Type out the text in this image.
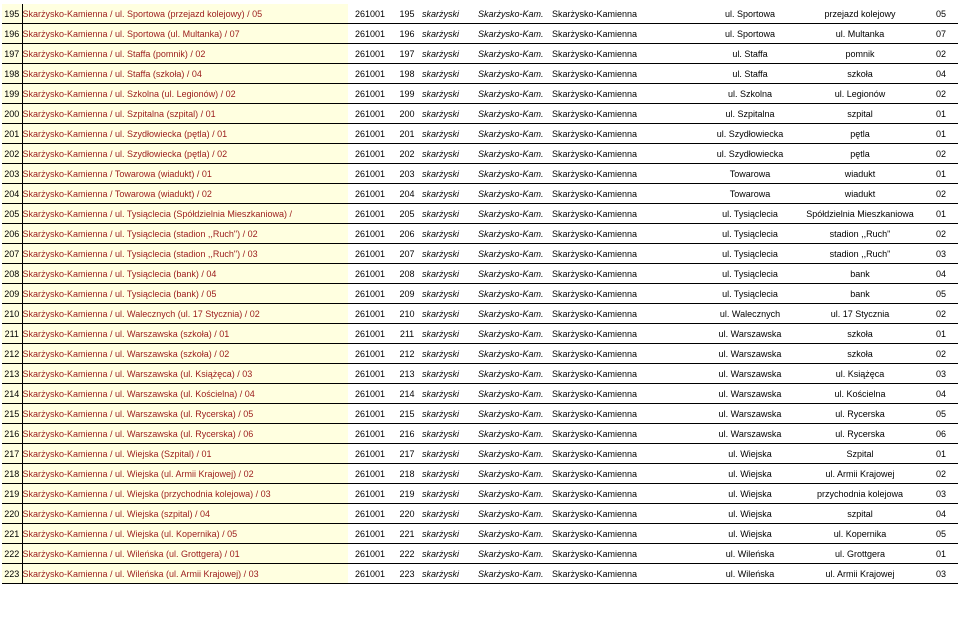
195	Skarżysko-Kamienna / ul. Sportowa (przejazd kolejowy) / 05	261001	195	skarżyski	Skarżysko-Kam.	Skarżysko-Kamienna	ul. Sportowa	przejazd kolejowy	05
196	Skarżysko-Kamienna / ul. Sportowa (ul. Multanka) / 07	261001	196	skarżyski	Skarżysko-Kam.	Skarżysko-Kamienna	ul. Sportowa	ul. Multanka	07
197	Skarżysko-Kamienna / ul. Staffa (pomnik) / 02	261001	197	skarżyski	Skarżysko-Kam.	Skarżysko-Kamienna	ul. Staffa	pomnik	02
198	Skarżysko-Kamienna / ul. Staffa (szkoła) / 04	261001	198	skarżyski	Skarżysko-Kam.	Skarżysko-Kamienna	ul. Staffa	szkoła	04
199	Skarżysko-Kamienna / ul. Szkolna (ul. Legionów) / 02	261001	199	skarżyski	Skarżysko-Kam.	Skarżysko-Kamienna	ul. Szkolna	ul. Legionów	02
200	Skarżysko-Kamienna / ul. Szpitalna (szpital) / 01	261001	200	skarżyski	Skarżysko-Kam.	Skarżysko-Kamienna	ul. Szpitalna	szpital	01
201	Skarżysko-Kamienna / ul. Szydłowiecka (pętla) / 01	261001	201	skarżyski	Skarżysko-Kam.	Skarżysko-Kamienna	ul. Szydłowiecka	pętla	01
202	Skarżysko-Kamienna / ul. Szydłowiecka (pętla) / 02	261001	202	skarżyski	Skarżysko-Kam.	Skarżysko-Kamienna	ul. Szydłowiecka	pętla	02
203	Skarżysko-Kamienna / Towarowa (wiadukt) / 01	261001	203	skarżyski	Skarżysko-Kam.	Skarżysko-Kamienna	Towarowa	wiadukt	01
204	Skarżysko-Kamienna / Towarowa (wiadukt) / 02	261001	204	skarżyski	Skarżysko-Kam.	Skarżysko-Kamienna	Towarowa	wiadukt	02
205	Skarżysko-Kamienna / ul. Tysiąclecia (Spółdzielnia Mieszkaniowa) /	261001	205	skarżyski	Skarżysko-Kam.	Skarżysko-Kamienna	ul. Tysiąclecia	Spółdzielnia Mieszkaniowa	01
206	Skarżysko-Kamienna / ul. Tysiąclecia (stadion ,,Ruch") / 02	261001	206	skarżyski	Skarżysko-Kam.	Skarżysko-Kamienna	ul. Tysiąclecia	stadion ,,Ruch"	02
207	Skarżysko-Kamienna / ul. Tysiąclecia (stadion ,,Ruch") / 03	261001	207	skarżyski	Skarżysko-Kam.	Skarżysko-Kamienna	ul. Tysiąclecia	stadion ,,Ruch"	03
208	Skarżysko-Kamienna / ul. Tysiąclecia (bank) / 04	261001	208	skarżyski	Skarżysko-Kam.	Skarżysko-Kamienna	ul. Tysiąclecia	bank	04
209	Skarżysko-Kamienna / ul. Tysiąclecia (bank) / 05	261001	209	skarżyski	Skarżysko-Kam.	Skarżysko-Kamienna	ul. Tysiąclecia	bank	05
210	Skarżysko-Kamienna / ul. Walecznych (ul. 17 Stycznia) / 02	261001	210	skarżyski	Skarżysko-Kam.	Skarżysko-Kamienna	ul. Walecznych	ul. 17 Stycznia	02
211	Skarżysko-Kamienna / ul. Warszawska (szkoła) / 01	261001	211	skarżyski	Skarżysko-Kam.	Skarżysko-Kamienna	ul. Warszawska	szkoła	01
212	Skarżysko-Kamienna / ul. Warszawska (szkoła) / 02	261001	212	skarżyski	Skarżysko-Kam.	Skarżysko-Kamienna	ul. Warszawska	szkoła	02
213	Skarżysko-Kamienna / ul. Warszawska (ul. Książęca) / 03	261001	213	skarżyski	Skarżysko-Kam.	Skarżysko-Kamienna	ul. Warszawska	ul. Książęca	03
214	Skarżysko-Kamienna / ul. Warszawska (ul. Kościelna) / 04	261001	214	skarżyski	Skarżysko-Kam.	Skarżysko-Kamienna	ul. Warszawska	ul. Kościelna	04
215	Skarżysko-Kamienna / ul. Warszawska (ul. Rycerska) / 05	261001	215	skarżyski	Skarżysko-Kam.	Skarżysko-Kamienna	ul. Warszawska	ul. Rycerska	05
216	Skarżysko-Kamienna / ul. Warszawska (ul. Rycerska) / 06	261001	216	skarżyski	Skarżysko-Kam.	Skarżysko-Kamienna	ul. Warszawska	ul. Rycerska	06
217	Skarżysko-Kamienna / ul. Wiejska (Szpital) / 01	261001	217	skarżyski	Skarżysko-Kam.	Skarżysko-Kamienna	ul. Wiejska	Szpital	01
218	Skarżysko-Kamienna / ul. Wiejska (ul. Armii Krajowej) / 02	261001	218	skarżyski	Skarżysko-Kam.	Skarżysko-Kamienna	ul. Wiejska	ul. Armii Krajowej	02
219	Skarżysko-Kamienna / ul. Wiejska (przychodnia kolejowa) / 03	261001	219	skarżyski	Skarżysko-Kam.	Skarżysko-Kamienna	ul. Wiejska	przychodnia kolejowa	03
220	Skarżysko-Kamienna / ul. Wiejska (szpital) / 04	261001	220	skarżyski	Skarżysko-Kam.	Skarżysko-Kamienna	ul. Wiejska	szpital	04
221	Skarżysko-Kamienna / ul. Wiejska (ul. Kopernika) / 05	261001	221	skarżyski	Skarżysko-Kam.	Skarżysko-Kamienna	ul. Wiejska	ul. Kopernika	05
222	Skarżysko-Kamienna / ul. Wileńska (ul. Grottgera) / 01	261001	222	skarżyski	Skarżysko-Kam.	Skarżysko-Kamienna	ul. Wileńska	ul. Grottgera	01
223	Skarżysko-Kamienna / ul. Wileńska (ul. Armii Krajowej) / 03	261001	223	skarżyski	Skarżysko-Kam.	Skarżysko-Kamienna	ul. Wileńska	ul. Armii Krajowej	03
